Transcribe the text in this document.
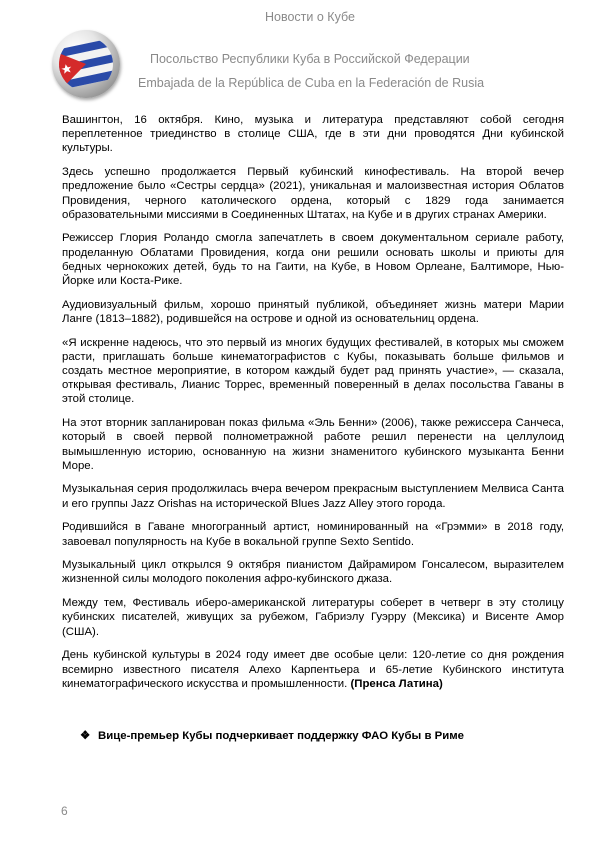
Новости о Кубе
Посольство Республики Куба в Российской Федерации
Embajada de la República de Cuba en la Federación de Rusia

Вашингтон, 16 октября. Кино, музыка и литература представляют собой сегодня переплетенное триединство в столице США, где в эти дни проводятся Дни кубинской культуры.

Здесь успешно продолжается Первый кубинский кинофестиваль. На второй вечер предложение было «Сестры сердца» (2021), уникальная и малоизвестная история Облатов Провидения, черного католического ордена, который с 1829 года занимается образовательными миссиями в Соединенных Штатах, на Кубе и в других странах Америки.

Режиссер Глория Роландо смогла запечатлеть в своем документальном сериале работу, проделанную Облатами Провидения, когда они решили основать школы и приюты для бедных чернокожих детей, будь то на Гаити, на Кубе, в Новом Орлеане, Балтиморе, Нью-Йорке или Коста-Рике.

Аудиовизуальный фильм, хорошо принятый публикой, объединяет жизнь матери Марии Ланге (1813–1882), родившейся на острове и одной из основательниц ордена.

«Я искренне надеюсь, что это первый из многих будущих фестивалей, в которых мы сможем расти, приглашать больше кинематографистов с Кубы, показывать больше фильмов и создать местное мероприятие, в котором каждый будет рад принять участие», — сказала, открывая фестиваль, Лианис Торрес, временный поверенный в делах посольства Гаваны в этой столице.

На этот вторник запланирован показ фильма «Эль Бенни» (2006), также режиссера Санчеса, который в своей первой полнометражной работе решил перенести на целлулоид вымышленную историю, основанную на жизни знаменитого кубинского музыканта Бенни Море.

Музыкальная серия продолжилась вчера вечером прекрасным выступлением Мелвиса Санта и его группы Jazz Orishas на исторической Blues Jazz Alley этого города.

Родившийся в Гаване многогранный артист, номинированный на «Грэмми» в 2018 году, завоевал популярность на Кубе в вокальной группе Sexto Sentido.

Музыкальный цикл открылся 9 октября пианистом Дайрамиром Гонсалесом, выразителем жизненной силы молодого поколения афро-кубинского джаза.

Между тем, Фестиваль иберо-американской литературы соберет в четверг в эту столицу кубинских писателей, живущих за рубежом, Габриэлу Гуэрру (Мексика) и Висенте Амор (США).

День кубинской культуры в 2024 году имеет две особые цели: 120-летие со дня рождения всемирно известного писателя Алехо Карпентьера и 65-летие Кубинского института кинематографического искусства и промышленности. (Пренса Латина)

❖ Вице-премьер Кубы подчеркивает поддержку ФАО Кубы в Риме
6
